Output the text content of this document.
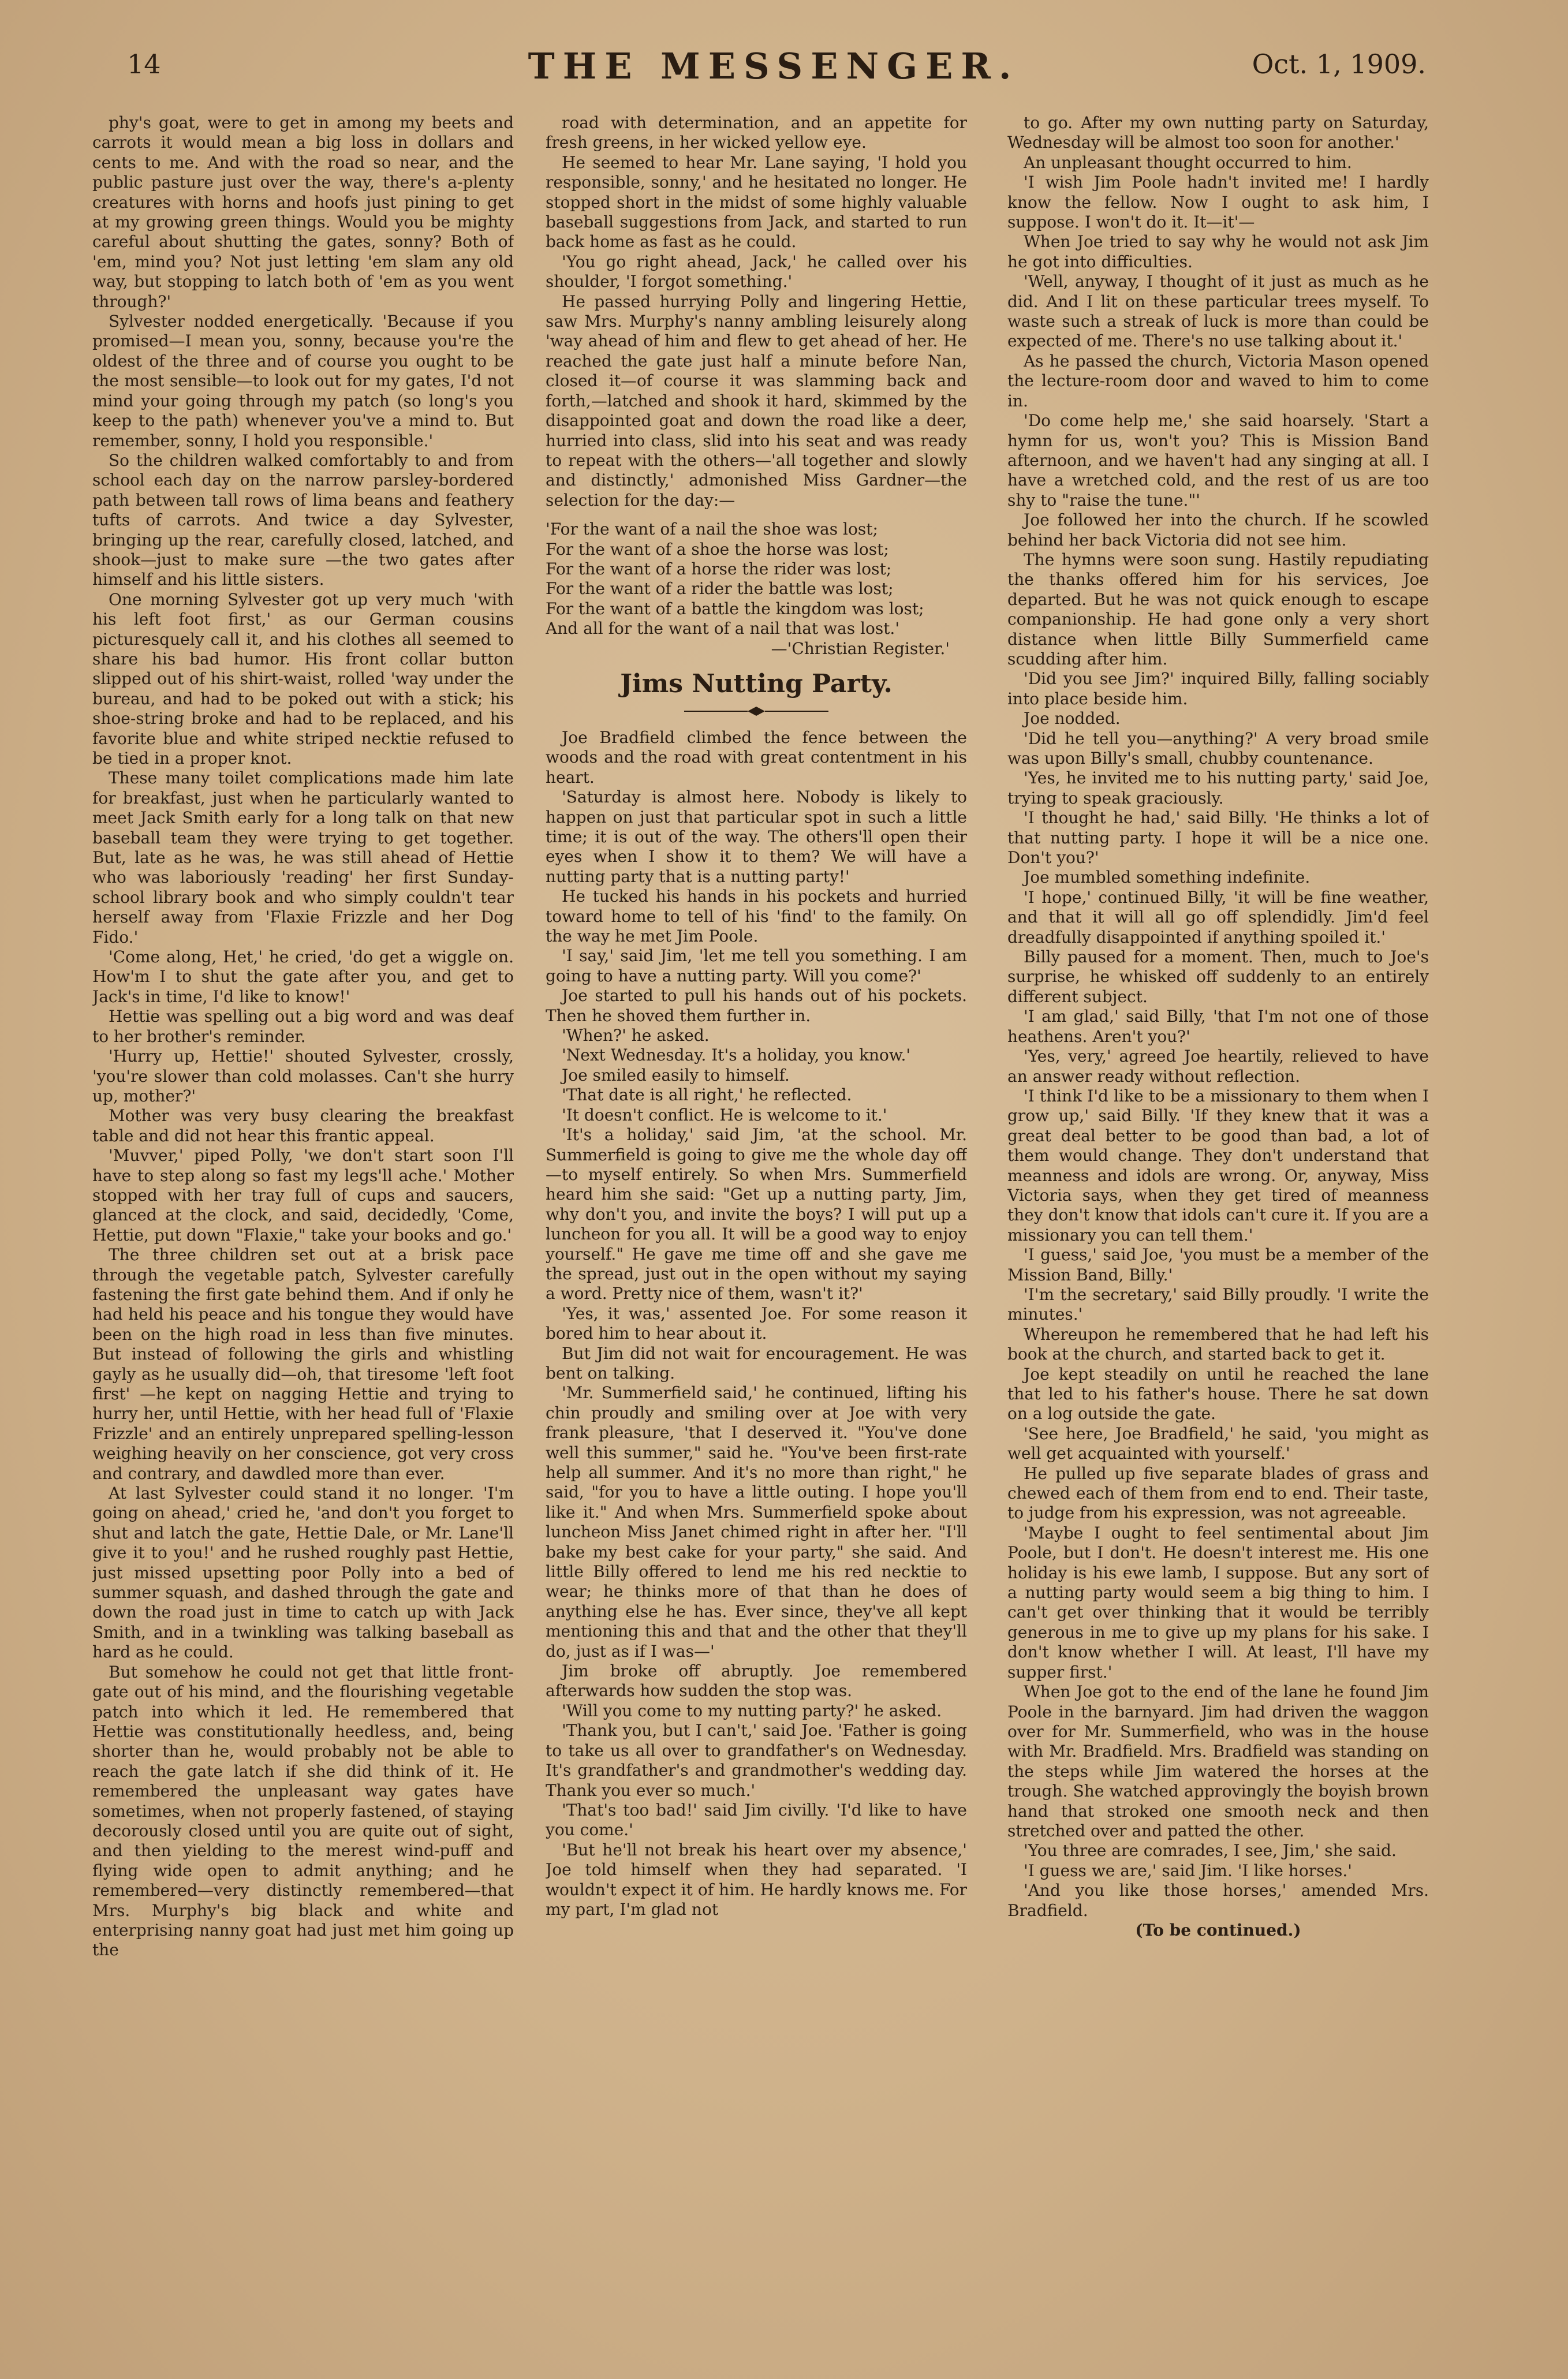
14	THE MESSENGER.	Oct. 1, 1909.

phy's goat, were to get in among my beets and carrots it would mean a big loss in dollars and cents to me. And with the road so near, and the public pasture just over the way, there's a-plenty creatures with horns and hoofs just pining to get at my growing green things. Would you be mighty careful about shutting the gates, sonny? Both of 'em, mind you? Not just letting 'em slam any old way, but stopping to latch both of 'em as you went through?'

Sylvester nodded energetically. 'Because if you promised—I mean you, sonny, because you're the oldest of the three and of course you ought to be the most sensible—to look out for my gates, I'd not mind your going through my patch (so long's you keep to the path) whenever you've a mind to. But remember, sonny, I hold you responsible.'

So the children walked comfortably to and from school each day on the narrow parsley-bordered path between tall rows of lima beans and feathery tufts of carrots. And twice a day Sylvester, bringing up the rear, carefully closed, latched, and shook—just to make sure —the two gates after himself and his little sisters.

One morning Sylvester got up very much 'with his left foot first,' as our German cousins picturesquely call it, and his clothes all seemed to share his bad humor. His front collar button slipped out of his shirt-waist, rolled 'way under the bureau, and had to be poked out with a stick; his shoe-string broke and had to be replaced, and his favorite blue and white striped necktie refused to be tied in a proper knot.

These many toilet complications made him late for breakfast, just when he particularly wanted to meet Jack Smith early for a long talk on that new baseball team they were trying to get together. But, late as he was, he was still ahead of Hettie who was laboriously 'reading' her first Sunday-school library book and who simply couldn't tear herself away from 'Flaxie Frizzle and her Dog Fido.'

'Come along, Het,' he cried, 'do get a wiggle on. How'm I to shut the gate after you, and get to Jack's in time, I'd like to know!'

Hettie was spelling out a big word and was deaf to her brother's reminder.

'Hurry up, Hettie!' shouted Sylvester, crossly, 'you're slower than cold molasses. Can't she hurry up, mother?'

Mother was very busy clearing the breakfast table and did not hear this frantic appeal.

'Muvver,' piped Polly, 'we don't start soon I'll have to step along so fast my legs'll ache.' Mother stopped with her tray full of cups and saucers, glanced at the clock, and said, decidedly, 'Come, Hettie, put down "Flaxie," take your books and go.'

The three children set out at a brisk pace through the vegetable patch, Sylvester carefully fastening the first gate behind them. And if only he had held his peace and his tongue they would have been on the high road in less than five minutes. But instead of following the girls and whistling gayly as he usually did—oh, that tiresome 'left foot first' —he kept on nagging Hettie and trying to hurry her, until Hettie, with her head full of 'Flaxie Frizzle' and an entirely unprepared spelling-lesson weighing heavily on her conscience, got very cross and contrary, and dawdled more than ever.

At last Sylvester could stand it no longer. 'I'm going on ahead,' cried he, 'and don't you forget to shut and latch the gate, Hettie Dale, or Mr. Lane'll give it to you!' and he rushed roughly past Hettie, just missed upsetting poor Polly into a bed of summer squash, and dashed through the gate and down the road just in time to catch up with Jack Smith, and in a twinkling was talking baseball as hard as he could.

But somehow he could not get that little front-gate out of his mind, and the flourishing vegetable patch into which it led. He remembered that Hettie was constitutionally heedless, and, being shorter than he, would probably not be able to reach the gate latch if she did think of it. He remembered the unpleasant way gates have sometimes, when not properly fastened, of staying decorously closed until you are quite out of sight, and then yielding to the merest wind-puff and flying wide open to admit anything; and he remembered—very distinctly remembered—that Mrs. Murphy's big black and white and enterprising nanny goat had just met him going up the

road with determination, and an appetite for fresh greens, in her wicked yellow eye.

He seemed to hear Mr. Lane saying, 'I hold you responsible, sonny,' and he hesitated no longer. He stopped short in the midst of some highly valuable baseball suggestions from Jack, and started to run back home as fast as he could.

'You go right ahead, Jack,' he called over his shoulder, 'I forgot something.'

He passed hurrying Polly and lingering Hettie, saw Mrs. Murphy's nanny ambling leisurely along 'way ahead of him and flew to get ahead of her. He reached the gate just half a minute before Nan, closed it—of course it was slamming back and forth,—latched and shook it hard, skimmed by the disappointed goat and down the road like a deer, hurried into class, slid into his seat and was ready to repeat with the others—'all together and slowly and distinctly,' admonished Miss Gardner—the selection for the day:—

'For the want of a nail the shoe was lost;
For the want of a shoe the horse was lost;
For the want of a horse the rider was lost;
For the want of a rider the battle was lost;
For the want of a battle the kingdom was lost;
And all for the want of a nail that was lost.'
—'Christian Register.'
Jims Nutting Party.

Joe Bradfield climbed the fence between the woods and the road with great contentment in his heart.

'Saturday is almost here. Nobody is likely to happen on just that particular spot in such a little time; it is out of the way. The others'll open their eyes when I show it to them? We will have a nutting party that is a nutting party!'

He tucked his hands in his pockets and hurried toward home to tell of his 'find' to the family. On the way he met Jim Poole.

'I say,' said Jim, 'let me tell you something. I am going to have a nutting party. Will you come?'

Joe started to pull his hands out of his pockets. Then he shoved them further in.

'When?' he asked.

'Next Wednesday. It's a holiday, you know.'

Joe smiled easily to himself.

'That date is all right,' he reflected.

'It doesn't conflict. He is welcome to it.'

'It's a holiday,' said Jim, 'at the school. Mr. Summerfield is going to give me the whole day off—to myself entirely. So when Mrs. Summerfield heard him she said: "Get up a nutting party, Jim, why don't you, and invite the boys? I will put up a luncheon for you all. It will be a good way to enjoy yourself." He gave me time off and she gave me the spread, just out in the open without my saying a word. Pretty nice of them, wasn't it?'

'Yes, it was,' assented Joe. For some reason it bored him to hear about it.

But Jim did not wait for encouragement. He was bent on talking.

'Mr. Summerfield said,' he continued, lifting his chin proudly and smiling over at Joe with very frank pleasure, 'that I deserved it. "You've done well this summer," said he. "You've been first-rate help all summer. And it's no more than right," he said, "for you to have a little outing. I hope you'll like it." And when Mrs. Summerfield spoke about luncheon Miss Janet chimed right in after her. "I'll bake my best cake for your party," she said. And little Billy offered to lend me his red necktie to wear; he thinks more of that than he does of anything else he has. Ever since, they've all kept mentioning this and that and the other that they'll do, just as if I was—'

Jim broke off abruptly. Joe remembered afterwards how sudden the stop was.

'Will you come to my nutting party?' he asked.

'Thank you, but I can't,' said Joe. 'Father is going to take us all over to grandfather's on Wednesday. It's grandfather's and grandmother's wedding day. Thank you ever so much.'

'That's too bad!' said Jim civilly. 'I'd like to have you come.'

'But he'll not break his heart over my absence,' Joe told himself when they had separated. 'I wouldn't expect it of him. He hardly knows me. For my part, I'm glad not

to go. After my own nutting party on Saturday, Wednesday will be almost too soon for another.'

An unpleasant thought occurred to him.

'I wish Jim Poole hadn't invited me! I hardly know the fellow. Now I ought to ask him, I suppose. I won't do it. It—it'—

When Joe tried to say why he would not ask Jim he got into difficulties.

'Well, anyway, I thought of it just as much as he did. And I lit on these particular trees myself. To waste such a streak of luck is more than could be expected of me. There's no use talking about it.'

As he passed the church, Victoria Mason opened the lecture-room door and waved to him to come in.

'Do come help me,' she said hoarsely. 'Start a hymn for us, won't you? This is Mission Band afternoon, and we haven't had any singing at all. I have a wretched cold, and the rest of us are too shy to "raise the tune."'

Joe followed her into the church. If he scowled behind her back Victoria did not see him.

The hymns were soon sung. Hastily repudiating the thanks offered him for his services, Joe departed. But he was not quick enough to escape companionship. He had gone only a very short distance when little Billy Summerfield came scudding after him.

'Did you see Jim?' inquired Billy, falling sociably into place beside him.

Joe nodded.

'Did he tell you—anything?' A very broad smile was upon Billy's small, chubby countenance.

'Yes, he invited me to his nutting party,' said Joe, trying to speak graciously.

'I thought he had,' said Billy. 'He thinks a lot of that nutting party. I hope it will be a nice one. Don't you?'

Joe mumbled something indefinite.

'I hope,' continued Billy, 'it will be fine weather, and that it will all go off splendidly. Jim'd feel dreadfully disappointed if anything spoiled it.'

Billy paused for a moment. Then, much to Joe's surprise, he whisked off suddenly to an entirely different subject.

'I am glad,' said Billy, 'that I'm not one of those heathens. Aren't you?'

'Yes, very,' agreed Joe heartily, relieved to have an answer ready without reflection.

'I think I'd like to be a missionary to them when I grow up,' said Billy. 'If they knew that it was a great deal better to be good than bad, a lot of them would change. They don't understand that meanness and idols are wrong. Or, anyway, Miss Victoria says, when they get tired of meanness they don't know that idols can't cure it. If you are a missionary you can tell them.'

'I guess,' said Joe, 'you must be a member of the Mission Band, Billy.'

'I'm the secretary,' said Billy proudly. 'I write the minutes.'

Whereupon he remembered that he had left his book at the church, and started back to get it.

Joe kept steadily on until he reached the lane that led to his father's house. There he sat down on a log outside the gate.

'See here, Joe Bradfield,' he said, 'you might as well get acquainted with yourself.'

He pulled up five separate blades of grass and chewed each of them from end to end. Their taste, to judge from his expression, was not agreeable.

'Maybe I ought to feel sentimental about Jim Poole, but I don't. He doesn't interest me. His one holiday is his ewe lamb, I suppose. But any sort of a nutting party would seem a big thing to him. I can't get over thinking that it would be terribly generous in me to give up my plans for his sake. I don't know whether I will. At least, I'll have my supper first.'

When Joe got to the end of the lane he found Jim Poole in the barnyard. Jim had driven the waggon over for Mr. Summerfield, who was in the house with Mr. Bradfield. Mrs. Bradfield was standing on the steps while Jim watered the horses at the trough. She watched approvingly the boyish brown hand that stroked one smooth neck and then stretched over and patted the other.

'You three are comrades, I see, Jim,' she said.

'I guess we are,' said Jim. 'I like horses.'

'And you like those horses,' amended Mrs. Bradfield.

(To be continued.)
